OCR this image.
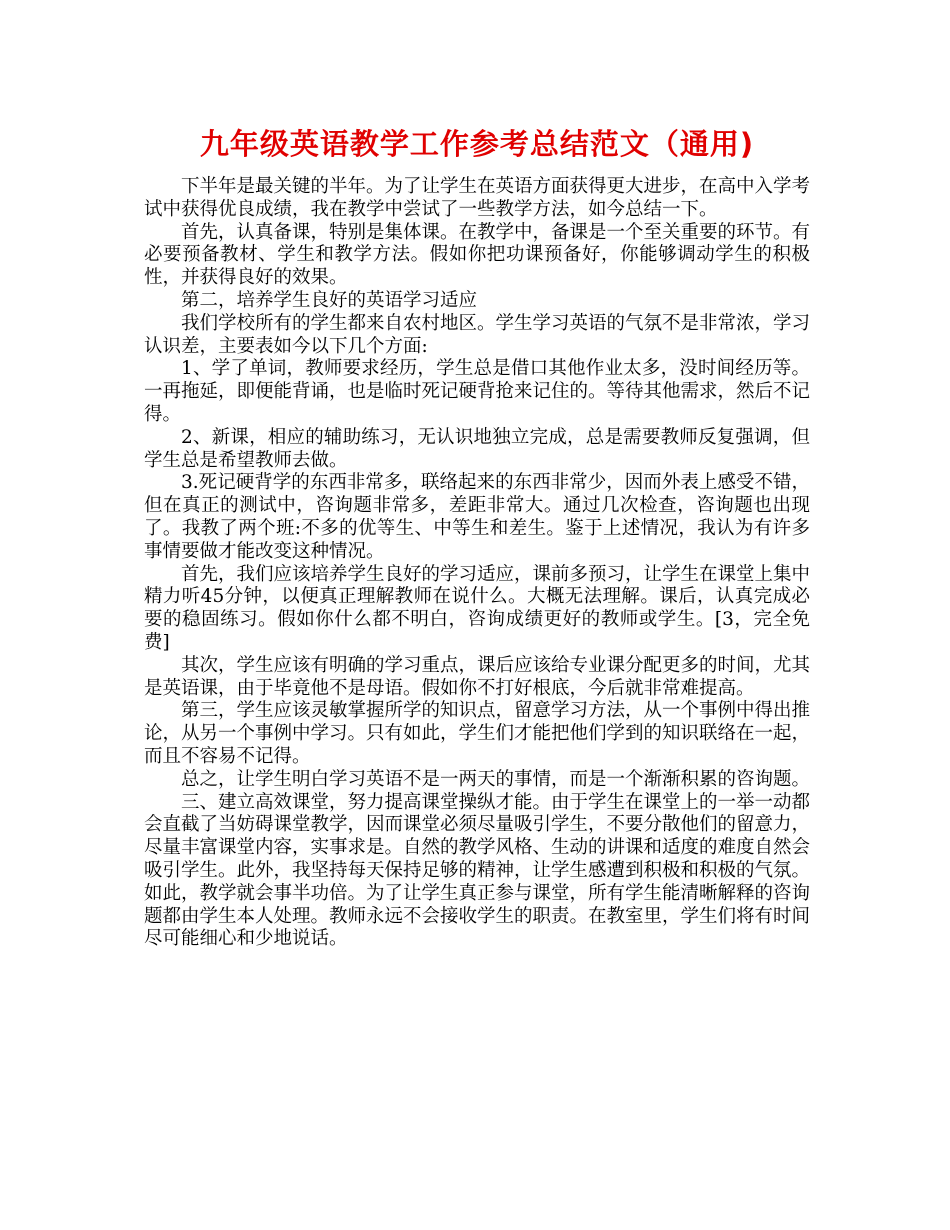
九年级英语教学工作参考总结范文（通用)

下半年是最关键的半年。为了让学生在英语方面获得更大进步，在高中入学考试中获得优良成绩，我在教学中尝试了一些教学方法，如今总结一下。

首先，认真备课，特别是集体课。在教学中，备课是一个至关重要的环节。有必要预备教材、学生和教学方法。假如你把功课预备好，你能够调动学生的积极性，并获得良好的效果。

第二，培养学生良好的英语学习适应

我们学校所有的学生都来自农村地区。学生学习英语的气氛不是非常浓，学习认识差，主要表如今以下几个方面:

1、学了单词，教师要求经历，学生总是借口其他作业太多，没时间经历等。一再拖延，即便能背诵，也是临时死记硬背抢来记住的。等待其他需求，然后不记得。

2、新课，相应的辅助练习，无认识地独立完成，总是需要教师反复强调，但学生总是希望教师去做。

3.死记硬背学的东西非常多，联络起来的东西非常少，因而外表上感受不错，但在真正的测试中，咨询题非常多，差距非常大。通过几次检查，咨询题也出现了。我教了两个班:不多的优等生、中等生和差生。鉴于上述情况，我认为有许多事情要做才能改变这种情况。

首先，我们应该培养学生良好的学习适应，课前多预习，让学生在课堂上集中精力听45分钟，以便真正理解教师在说什么。大概无法理解。课后，认真完成必要的稳固练习。假如你什么都不明白，咨询成绩更好的教师或学生。[3，完全免费]

其次，学生应该有明确的学习重点，课后应该给专业课分配更多的时间，尤其是英语课，由于毕竟他不是母语。假如你不打好根底，今后就非常难提高。

第三，学生应该灵敏掌握所学的知识点，留意学习方法，从一个事例中得出推论，从另一个事例中学习。只有如此，学生们才能把他们学到的知识联络在一起，而且不容易不记得。

总之，让学生明白学习英语不是一两天的事情，而是一个渐渐积累的咨询题。

三、建立高效课堂，努力提高课堂操纵才能。由于学生在课堂上的一举一动都会直截了当妨碍课堂教学，因而课堂必须尽量吸引学生，不要分散他们的留意力，尽量丰富课堂内容，实事求是。自然的教学风格、生动的讲课和适度的难度自然会吸引学生。此外，我坚持每天保持足够的精神，让学生感遭到积极和积极的气氛。如此，教学就会事半功倍。为了让学生真正参与课堂，所有学生能清晰解释的咨询题都由学生本人处理。教师永远不会接收学生的职责。在教室里，学生们将有时间尽可能细心和少地说话。
